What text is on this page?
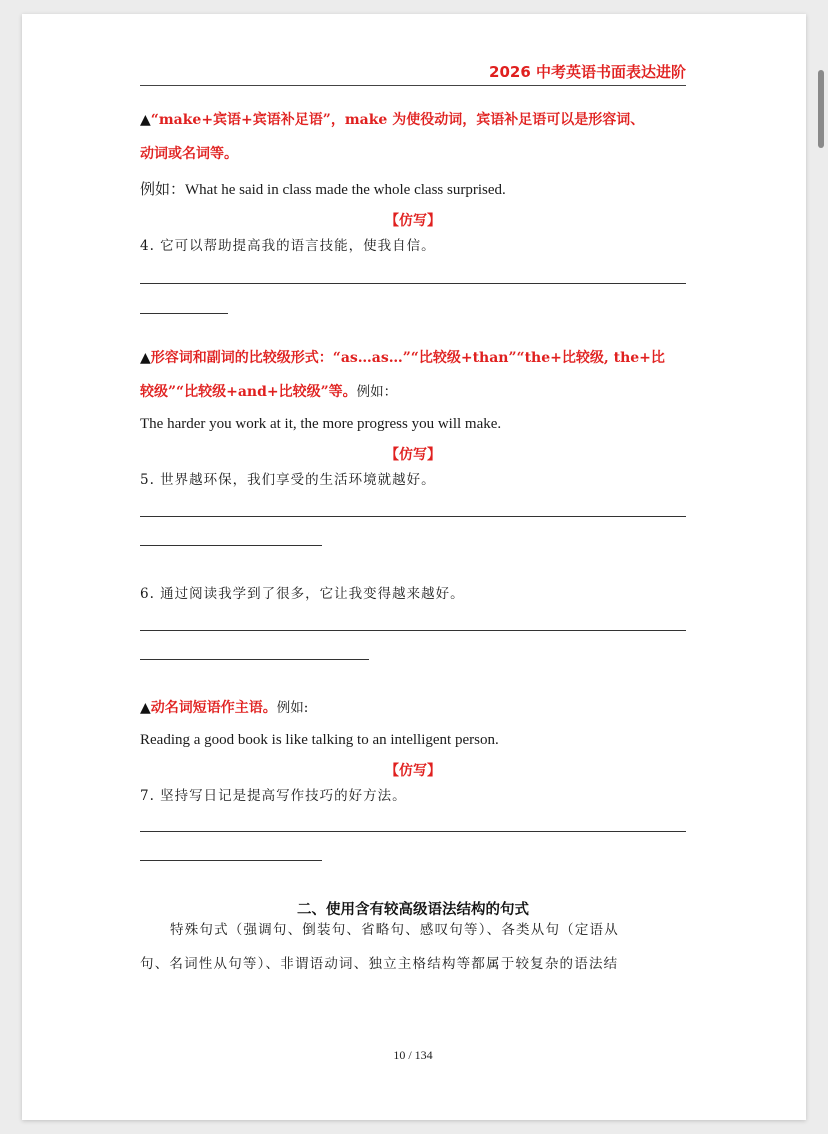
2026 中考英语书面表达进阶
▲“make+宾语+宾语补足语”，make 为使役动词，宾语补足语可以是形容词、
动词或名词等。
例如：What he said in class made the whole class surprised.
【仿写】
4. 它可以帮助提高我的语言技能，使我自信。
▲形容词和副词的比较级形式：“as…as…”“比较级+than”“the+比较级, the+比
较级”“比较级+and+比较级”等。例如：
The harder you work at it, the more progress you will make.
【仿写】
5. 世界越环保，我们享受的生活环境就越好。
6. 通过阅读我学到了很多，它让我变得越来越好。
▲动名词短语作主语。例如:
Reading a good book is like talking to an intelligent person.
【仿写】
7. 坚持写日记是提高写作技巧的好方法。
二、使用含有较高级语法结构的句式
特殊句式（强调句、倒装句、省略句、感叹句等）、各类从句（定语从
句、名词性从句等）、非谓语动词、独立主格结构等都属于较复杂的语法结
10 / 134
